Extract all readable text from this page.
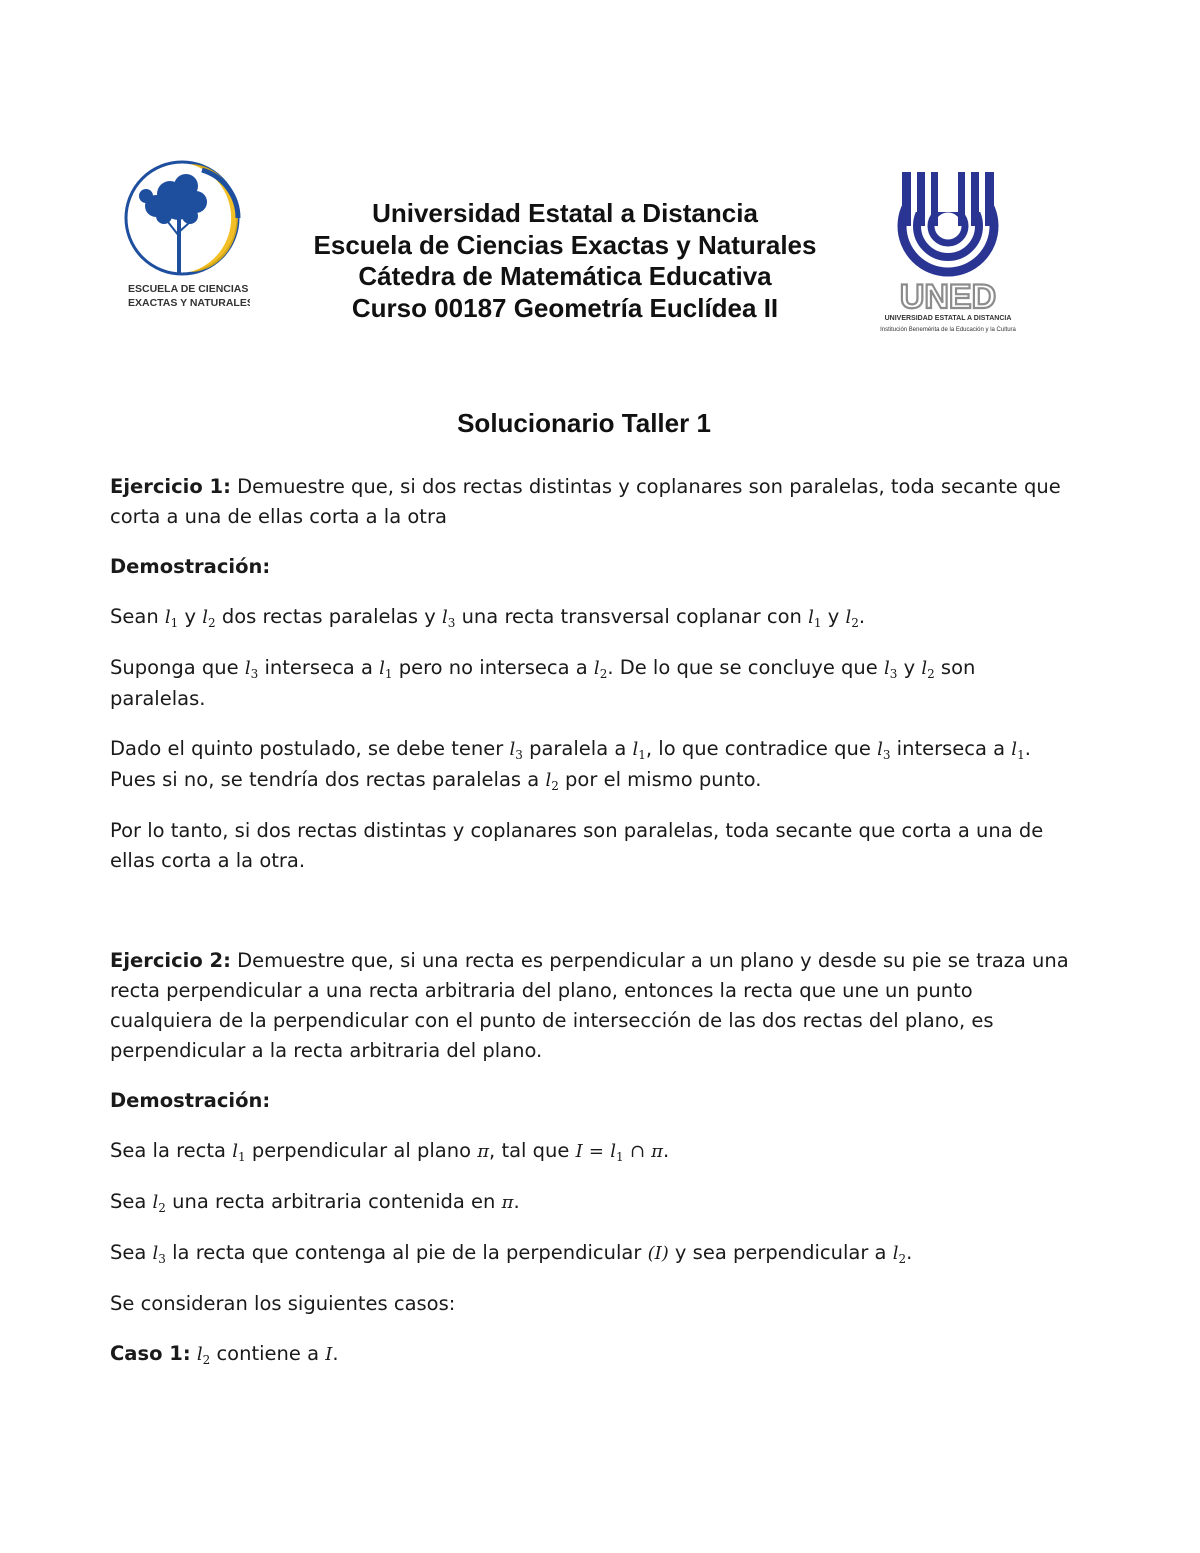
ESCUELA DE CIENCIAS
EXACTAS Y NATURALES
Universidad Estatal a Distancia
Escuela de Ciencias Exactas y Naturales
Cátedra de Matemática Educativa
Curso 00187 Geometría Euclídea II	UNED
UNIVERSIDAD ESTATAL A DISTANCIA
Institución Benemérita de la Educación y la Cultura
Solucionario Taller 1

Ejercicio 1: Demuestre que, si dos rectas distintas y coplanares son paralelas, toda secante que corta a una de ellas corta a la otra

Demostración:

Sean $l_1$ y $l_2$ dos rectas paralelas y $l_3$ una recta transversal coplanar con $l_1$ y $l_2$.

Suponga que $l_3$ interseca a $l_1$ pero no interseca a $l_2$. De lo que se concluye que $l_3$ y $l_2$ son paralelas.

Dado el quinto postulado, se debe tener $l_3$ paralela a $l_1$, lo que contradice que $l_3$ interseca a $l_1$.
Pues si no, se tendría dos rectas paralelas a $l_2$ por el mismo punto.

Por lo tanto, si dos rectas distintas y coplanares son paralelas, toda secante que corta a una de ellas corta a la otra.

Ejercicio 2: Demuestre que, si una recta es perpendicular a un plano y desde su pie se traza una recta perpendicular a una recta arbitraria del plano, entonces la recta que une un punto cualquiera de la perpendicular con el punto de intersección de las dos rectas del plano, es perpendicular a la recta arbitraria del plano.

Demostración:

Sea la recta $l_1$ perpendicular al plano π, tal que $I = l_1$ ∩ π.

Sea $l_2$ una recta arbitraria contenida en π.

Sea $l_3$ la recta que contenga al pie de la perpendicular (I) y sea perpendicular a $l_2$.

Se consideran los siguientes casos:

Caso 1: $l_2$ contiene a I.
